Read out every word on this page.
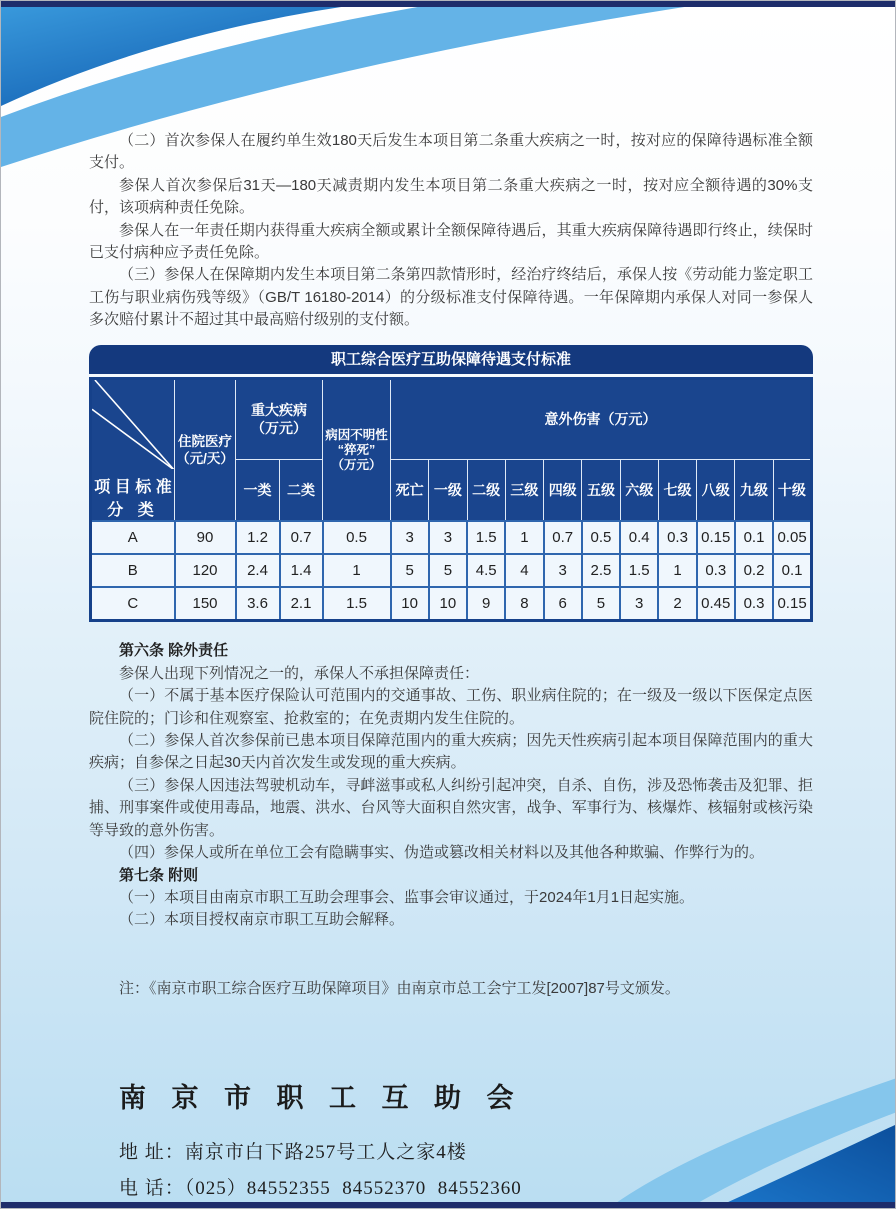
（二）首次参保人在履约单生效180天后发生本项目第二条重大疾病之一时，按对应的保障待遇标准全额支付。

参保人首次参保后31天—180天减责期内发生本项目第二条重大疾病之一时，按对应全额待遇的30%支付，该项病种责任免除。

参保人在一年责任期内获得重大疾病全额或累计全额保障待遇后，其重大疾病保障待遇即行终止，续保时已支付病种应予责任免除。

（三）参保人在保障期内发生本项目第二条第四款情形时，经治疗终结后，承保人按《劳动能力鉴定职工工伤与职业病伤残等级》（GB/T 16180-2014）的分级标准支付保障待遇。一年保障期内承保人对同一参保人多次赔付累计不超过其中最高赔付级别的支付额。

职工综合医疗互助保障待遇支付标准
项 目 标 准 分 类	住院医疗
（元/天）	重大疾病
（万元）		病因不明性
“猝死”
（万元）	意外伤害（万元）										
		一类	二类		死亡	一级	二级	三级	四级	五级	六级	七级	八级	九级	十级
A	90	1.2	0.7	0.5	3	3	1.5	1	0.7	0.5	0.4	0.3	0.15	0.1	0.05
B	120	2.4	1.4	1	5	5	4.5	4	3	2.5	1.5	1	0.3	0.2	0.1
C	150	3.6	2.1	1.5	10	10	9	8	6	5	3	2	0.45	0.3	0.15

第六条 除外责任

参保人出现下列情况之一的，承保人不承担保障责任：

（一）不属于基本医疗保险认可范围内的交通事故、工伤、职业病住院的；在一级及一级以下医保定点医院住院的；门诊和住观察室、抢救室的；在免责期内发生住院的。

（二）参保人首次参保前已患本项目保障范围内的重大疾病；因先天性疾病引起本项目保障范围内的重大疾病；自参保之日起30天内首次发生或发现的重大疾病。

（三）参保人因违法驾驶机动车，寻衅滋事或私人纠纷引起冲突，自杀、自伤，涉及恐怖袭击及犯罪、拒捕、刑事案件或使用毒品，地震、洪水、台风等大面积自然灾害，战争、军事行为、核爆炸、核辐射或核污染等导致的意外伤害。

（四）参保人或所在单位工会有隐瞒事实、伪造或篡改相关材料以及其他各种欺骗、作弊行为的。

第七条 附则

（一）本项目由南京市职工互助会理事会、监事会审议通过，于2024年1月1日起实施。

（二）本项目授权南京市职工互助会解释。

注：《南京市职工综合医疗互助保障项目》由南京市总工会宁工发[2007]87号文颁发。

南 京 市 职 工 互 助 会
地 址：南京市白下路257号工人之家4楼
电 话：（025）84552355  84552370  84552360
